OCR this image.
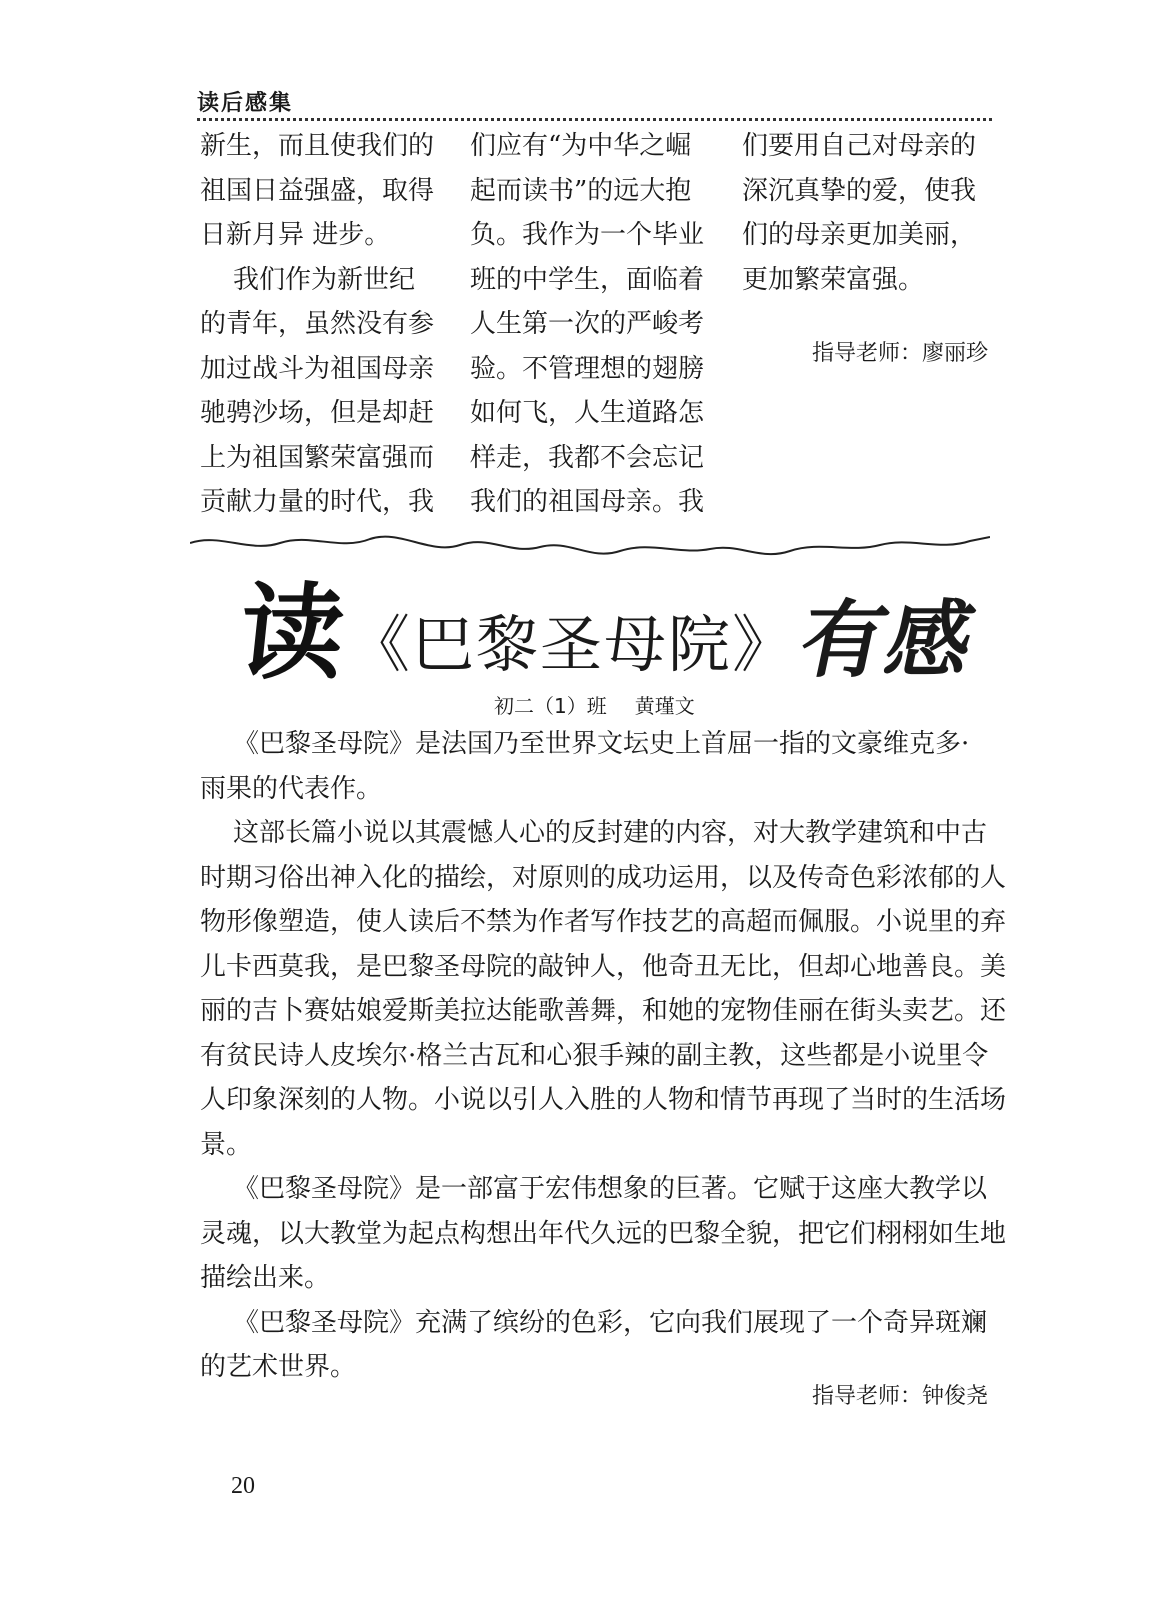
读后感集

新生，而且使我们的

祖国日益强盛，取得

日新月异 进步。

我们作为新世纪

的青年，虽然没有参

加过战斗为祖国母亲

驰骋沙场，但是却赶

上为祖国繁荣富强而

贡献力量的时代，我

们应有“为中华之崛

起而读书”的远大抱

负。我作为一个毕业

班的中学生，面临着

人生第一次的严峻考

验。不管理想的翅膀

如何飞，人生道路怎

样走，我都不会忘记

我们的祖国母亲。我

们要用自己对母亲的

深沉真挚的爱，使我

们的母亲更加美丽，

更加繁荣富强。

指导老师：廖丽珍
读
《巴黎圣母院》
有感
初二（1）班 黄瑾文

《巴黎圣母院》是法国乃至世界文坛史上首屈一指的文豪维克多·

雨果的代表作。

这部长篇小说以其震憾人心的反封建的内容，对大教学建筑和中古

时期习俗出神入化的描绘，对原则的成功运用，以及传奇色彩浓郁的人

物形像塑造，使人读后不禁为作者写作技艺的高超而佩服。小说里的弃

儿卡西莫我，是巴黎圣母院的敲钟人，他奇丑无比，但却心地善良。美

丽的吉卜赛姑娘爱斯美拉达能歌善舞，和她的宠物佳丽在街头卖艺。还

有贫民诗人皮埃尔·格兰古瓦和心狠手辣的副主教，这些都是小说里令

人印象深刻的人物。小说以引人入胜的人物和情节再现了当时的生活场

景。

《巴黎圣母院》是一部富于宏伟想象的巨著。它赋于这座大教学以

灵魂，以大教堂为起点构想出年代久远的巴黎全貌，把它们栩栩如生地

描绘出来。

《巴黎圣母院》充满了缤纷的色彩，它向我们展现了一个奇异斑斓

的艺术世界。

指导老师：钟俊尧
20
